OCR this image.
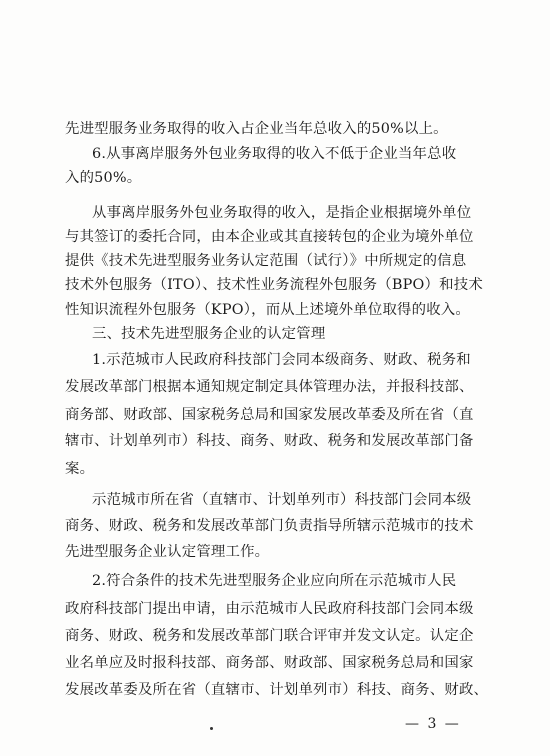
先进型服务业务取得的收入占企业当年总收入的50%以上。
6.从事离岸服务外包业务取得的收入不低于企业当年总收
入的50%。
从事离岸服务外包业务取得的收入，是指企业根据境外单位
与其签订的委托合同，由本企业或其直接转包的企业为境外单位
提供《技术先进型服务业务认定范围（试行）》中所规定的信息
技术外包服务（ITO）、技术性业务流程外包服务（BPO）和技术
性知识流程外包服务（KPO），而从上述境外单位取得的收入。
三、技术先进型服务企业的认定管理
1.示范城市人民政府科技部门会同本级商务、财政、税务和
发展改革部门根据本通知规定制定具体管理办法，并报科技部、
商务部、财政部、国家税务总局和国家发展改革委及所在省（直
辖市、计划单列市）科技、商务、财政、税务和发展改革部门备
案。
示范城市所在省（直辖市、计划单列市）科技部门会同本级
商务、财政、税务和发展改革部门负责指导所辖示范城市的技术
先进型服务企业认定管理工作。
2.符合条件的技术先进型服务企业应向所在示范城市人民
政府科技部门提出申请，由示范城市人民政府科技部门会同本级
商务、财政、税务和发展改革部门联合评审并发文认定。认定企
业名单应及时报科技部、商务部、财政部、国家税务总局和国家
发展改革委及所在省（直辖市、计划单列市）科技、商务、财政、
— 3 —
